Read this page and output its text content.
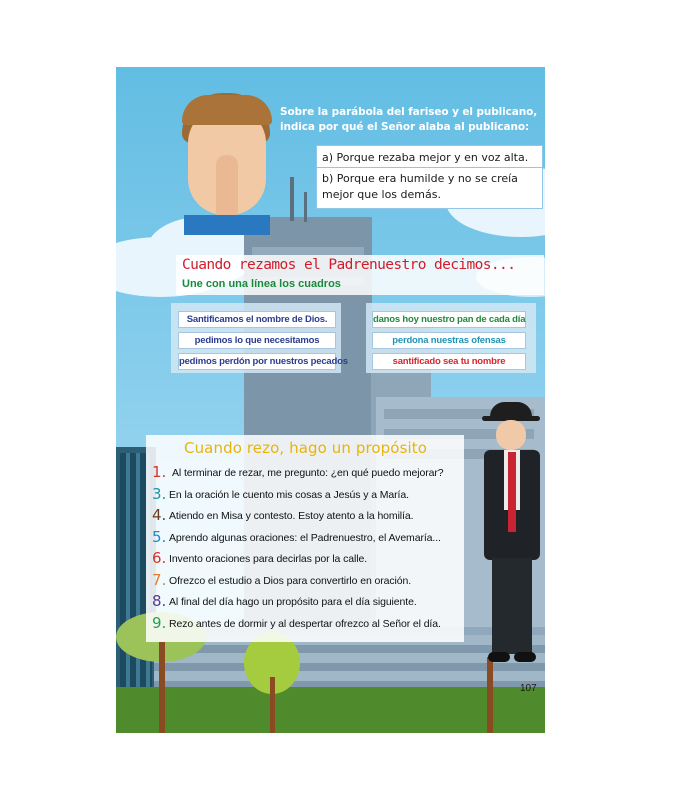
Sobre la parábola del fariseo y el publicano,
indica por qué el Señor alaba al publicano:
a) Porque rezaba mejor y en voz alta.
b) Porque era humilde y no se creía
mejor que los demás.
Cuando rezamos el Padrenuestro decimos...
Une con una línea los cuadros
Santificamos el nombre de Dios.
pedimos lo que necesitamos
pedimos perdón por nuestros pecados
danos hoy nuestro pan de cada día
perdona nuestras ofensas
santificado sea tu nombre
Cuando rezo, hago un propósito
1. Al terminar de rezar, me pregunto: ¿en qué puedo mejorar?
3. En la oración le cuento mis cosas a Jesús y a María.
4. Atiendo en Misa y contesto. Estoy atento a la homilía.
5. Aprendo algunas oraciones: el Padrenuestro, el Avemaría...
6. Invento oraciones para decirlas por la calle.
7. Ofrezco el estudio a Dios para convertirlo en oración.
8. Al final del día hago un propósito para el día siguiente.
9. Rezo antes de dormir y al despertar ofrezco al Señor el día.
107
